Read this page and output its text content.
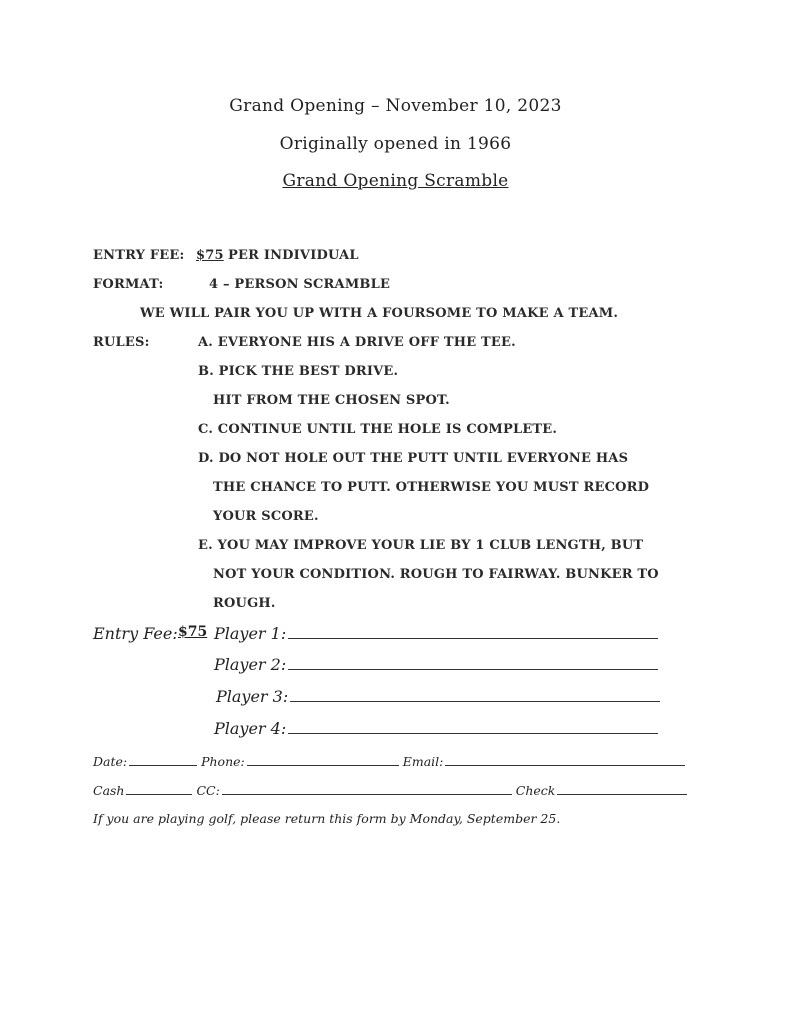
Grand Opening – November 10, 2023
Originally opened in 1966
Grand Opening Scramble
ENTRY FEE: $75 PER INDIVIDUAL
FORMAT:	4 – PERSON SCRAMBLE
WE WILL PAIR YOU UP WITH A FOURSOME TO MAKE A TEAM.
RULES:	A. EVERYONE HIS A DRIVE OFF THE TEE.
B. PICK THE BEST DRIVE.
HIT FROM THE CHOSEN SPOT.
C. CONTINUE UNTIL THE HOLE IS COMPLETE.
D. DO NOT HOLE OUT THE PUTT UNTIL EVERYONE HAS
THE CHANCE TO PUTT. OTHERWISE YOU MUST RECORD
YOUR SCORE.
E. YOU MAY IMPROVE YOUR LIE BY 1 CLUB LENGTH, BUT
NOT YOUR CONDITION. ROUGH TO FAIRWAY. BUNKER TO
ROUGH.
Entry Fee: $75 Player 1:
Player 2:
Player 3:
Player 4:
Date:	Phone:	Email:
Cash	CC:	Check
If you are playing golf, please return this form by Monday, September 25.
